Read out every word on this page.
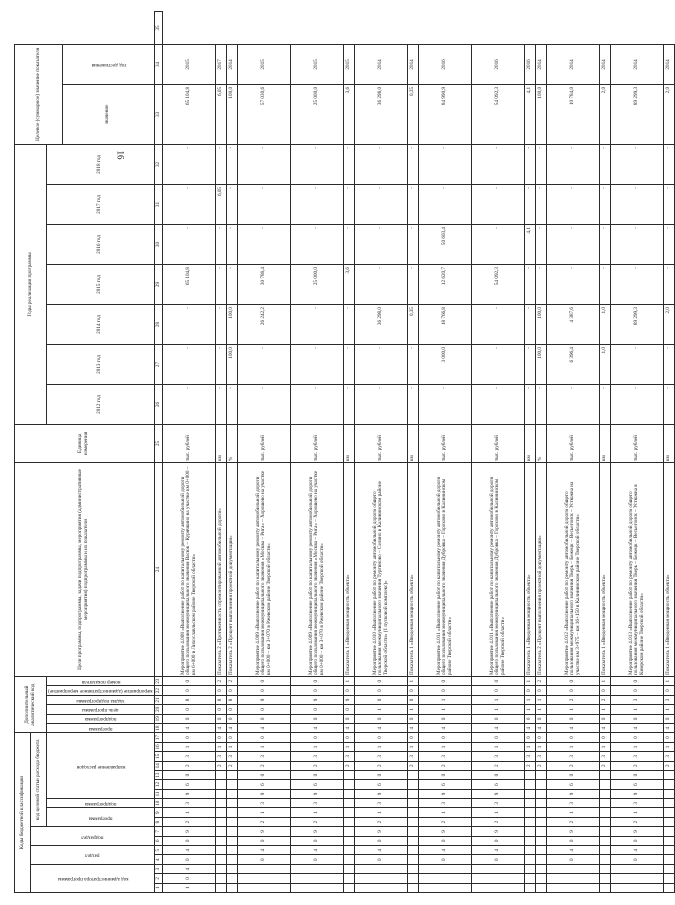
16
Коды бюджетной классификации																	Дополнительный аналитический код						Цели программы, подпрограммы, задачи подпрограммы, мероприятия (административные мероприятия) подпрограммы и их показатели	Единица измерения	Годы реализации программы							Целевое (суммарное) значение показателя		
код администратора программы			раздел		подраздел		код целевой статьи расхода бюджета																											
							программа		подпрограмма	направление расходов							программа	подпрограмма	цель программы	задача подпрограммы	мероприятие (административное мероприятие)	номер показателя			2012 год	2013 год	2014 год	2015 год	2016 год	2017 год	2018 год			
																																значение	год достижения	
1	2	3	4	5	6	7	8	9	10	11	12	13	14	15	16	17	18	19	20	21	22	23	24	25	26	27	28	29	30	31	32	33	34	35
1	0	4	0	4	0	9	2	1	3	9	6	0	2	3	1	0	4	0	0	8	0	0	Мероприятие 4.008 «Выполнение работ по капитальному ремонту автомобильной дороги общего пользования межмуниципального значения Васюк – Курячкино на участке км 0+000 – км 6+000 в Лихославльском районе Тверской области»	тыс. рублей	-	-	-	65 104,8	-	-	-	65 104,8	2015	
													2	3	1	0	4	0	0	8	0	2	Показатель 2 «Протяженность отремонтированной автомобильной дороги»	км	-	-	-	-	-	6,05	-	6,05	2017	
													2	3	1	0	4	0	0	8	0	2	Показатель 2 «Процент выполнения проектной документации»	%	-	100,0	100,0	-	-	-	-	100,0	2014	
			0	4	0	9	2	1	3	9	6	0	2	3	1	0	4	0	0	9	0	0	Мероприятие 4.009 «Выполнение работ по капитальному ремонту автомобильной дороги общего пользования межмуниципального значения «Москва – Рига» – Хорошево на участке км 0+000 – км 3+070 в Ржевском районе Тверской области»	тыс. рублей	-	-	26 242,2	30 788,4	-	-	-	57 030,6	2015	
			0	4	0	9	2	1	3	9	6	0	2	3	1	0	4	0	0	9	0	0	Мероприятие 4.009 «Выполнение работ по капитальному ремонту автомобильной дороги общего пользования межмуниципального значения «Москва – Рига» – Хорошево на участке км 0+000 – км 3+070 в Ржевском районе Тверской области»	тыс. рублей	-	-	-	25 000,0	-	-	-	25 000,0	2015	
													2	3	1	0	4	0	0	9	0	1	Показатель 1 «Введенная мощность объекта»	км	-	-	-	3,6	-	-	-	3,6	2015	
			0	4	0	9	2	1	3	9	6	0	2	3	1	0	4	0	1	0	0	0	Мероприятие 4.010 «Выполнение работ по ремонту автомобильной дороги общего пользования межмуниципального значения Тургиново – Селино в Калининском районе Тверской области» (1 пусковой комплекс)»	тыс. рублей	-	-	36 298,0	-	-	-	-	36 298,0	2014	
													2	3	1	0	4	0	1	0	0	1	Показатель 1 «Введенная мощность объекта»	км	-	-	0,35	-	-	-	-	0,35	2014	
			0	4	0	9	2	1	3	9	6	0	2	3	1	0	4	0	1	1	0	0	Мероприятие 4.011 «Выполнение работ по капитальному ремонту автомобильной дороги общего пользования межмуниципального значения Дубровка – Горохово в Калининском районе Тверской области»	тыс. рублей	-	3 000,0	18 766,8	12 620,7	50 603,4	-	-	84 990,9	2016	
			0	4	0	9	2	1	3	9	6	0	2	3	1	0	4	0	1	1	0	0	Мероприятие 4.011 «Выполнение работ по капитальному ремонту автомобильной дороги общего пользования межмуниципального значения Дубровка – Горохово в Калининском районе Тверской области»	тыс. рублей	-	-	-	54 092,3	-	-	-	54 092,3	2016	
													2	3	1	0	4	0	1	1	0	1	Показатель 1 «Введенная мощность объекта»	км	-	-	-	-	4,1	-	-	4,1	2016	
													2	3	1	0	4	0	1	1	0	2	Показатель 2 «Процент выполнения проектной документации»	%	-	100,0	100,0	-	-	-	-	100,0	2014	
			0	4	0	9	2	1	3	9	6	0	2	3	1	0	4	0	1	2	0	0	Мероприятие 4.012 «Выполнение работ по ремонту автомобильной дороги общего пользования межмуниципального значения Тверь – Бежецк – Весьегонск – Устюжна на участке км 3+975 – км 16+150 в Калининском районе Тверской области»	тыс. рублей	-	6 396,4	4 387,6	-	-	-	-	10 784,0	2014	
													2	3	1	0	4	0	1	2	0	1	Показатель 1 «Введенная мощность объекта»	км	-	1,0	1,0	-	-	-	-	2,0	2014	
			0	4	0	9	2	1	3	9	6	0	2	3	1	0	4	0	1	3	0	0	Мероприятие 4.013 «Выполнение работ по ремонту автомобильной дороги общего пользования межмуниципального значения Тверь – Бежецк – Весьегонск – Устюжна в Кимрском районе Тверской области»	тыс. рублей	-	-	89 299,3	-	-	-	-	89 299,3	2014	
													2	3	1	0	4	0	1	3	0	1	Показатель 1 «Введенная мощность объекта»	км	-	-	2,0	-	-	-	-	2,0	2014	
